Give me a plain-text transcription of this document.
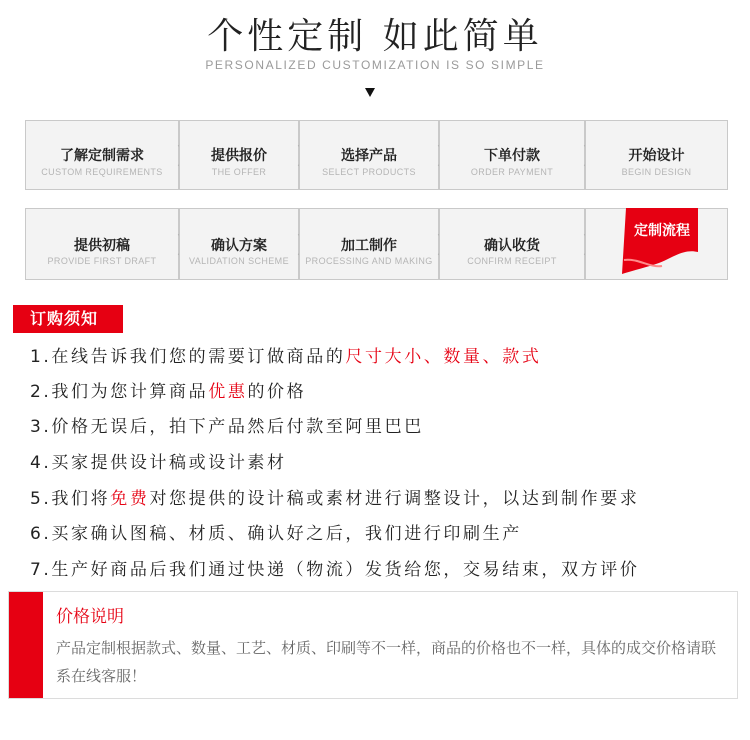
个性定制 如此简单
PERSONALIZED CUSTOMIZATION IS SO SIMPLE
了解定制需求
CUSTOM REQUIREMENTS
提供报价
THE OFFER
选择产品
SELECT PRODUCTS
下单付款
ORDER PAYMENT
开始设计
BEGIN DESIGN
提供初稿
PROVIDE FIRST DRAFT
确认方案
VALIDATION SCHEME
加工制作
PROCESSING AND MAKING
确认收货
CONFIRM RECEIPT
定制流程
订购须知
1.在线告诉我们您的需要订做商品的尺寸大小、数量、款式
2.我们为您计算商品优惠的价格
3.价格无误后，拍下产品然后付款至阿里巴巴
4.买家提供设计稿或设计素材
5.我们将免费对您提供的设计稿或素材进行调整设计，以达到制作要求
6.买家确认图稿、材质、确认好之后，我们进行印刷生产
7.生产好商品后我们通过快递（物流）发货给您，交易结束，双方评价
价格说明
产品定制根据款式、数量、工艺、材质、印刷等不一样，商品的价格也不一样，具体的成交价格请联系在线客服！
